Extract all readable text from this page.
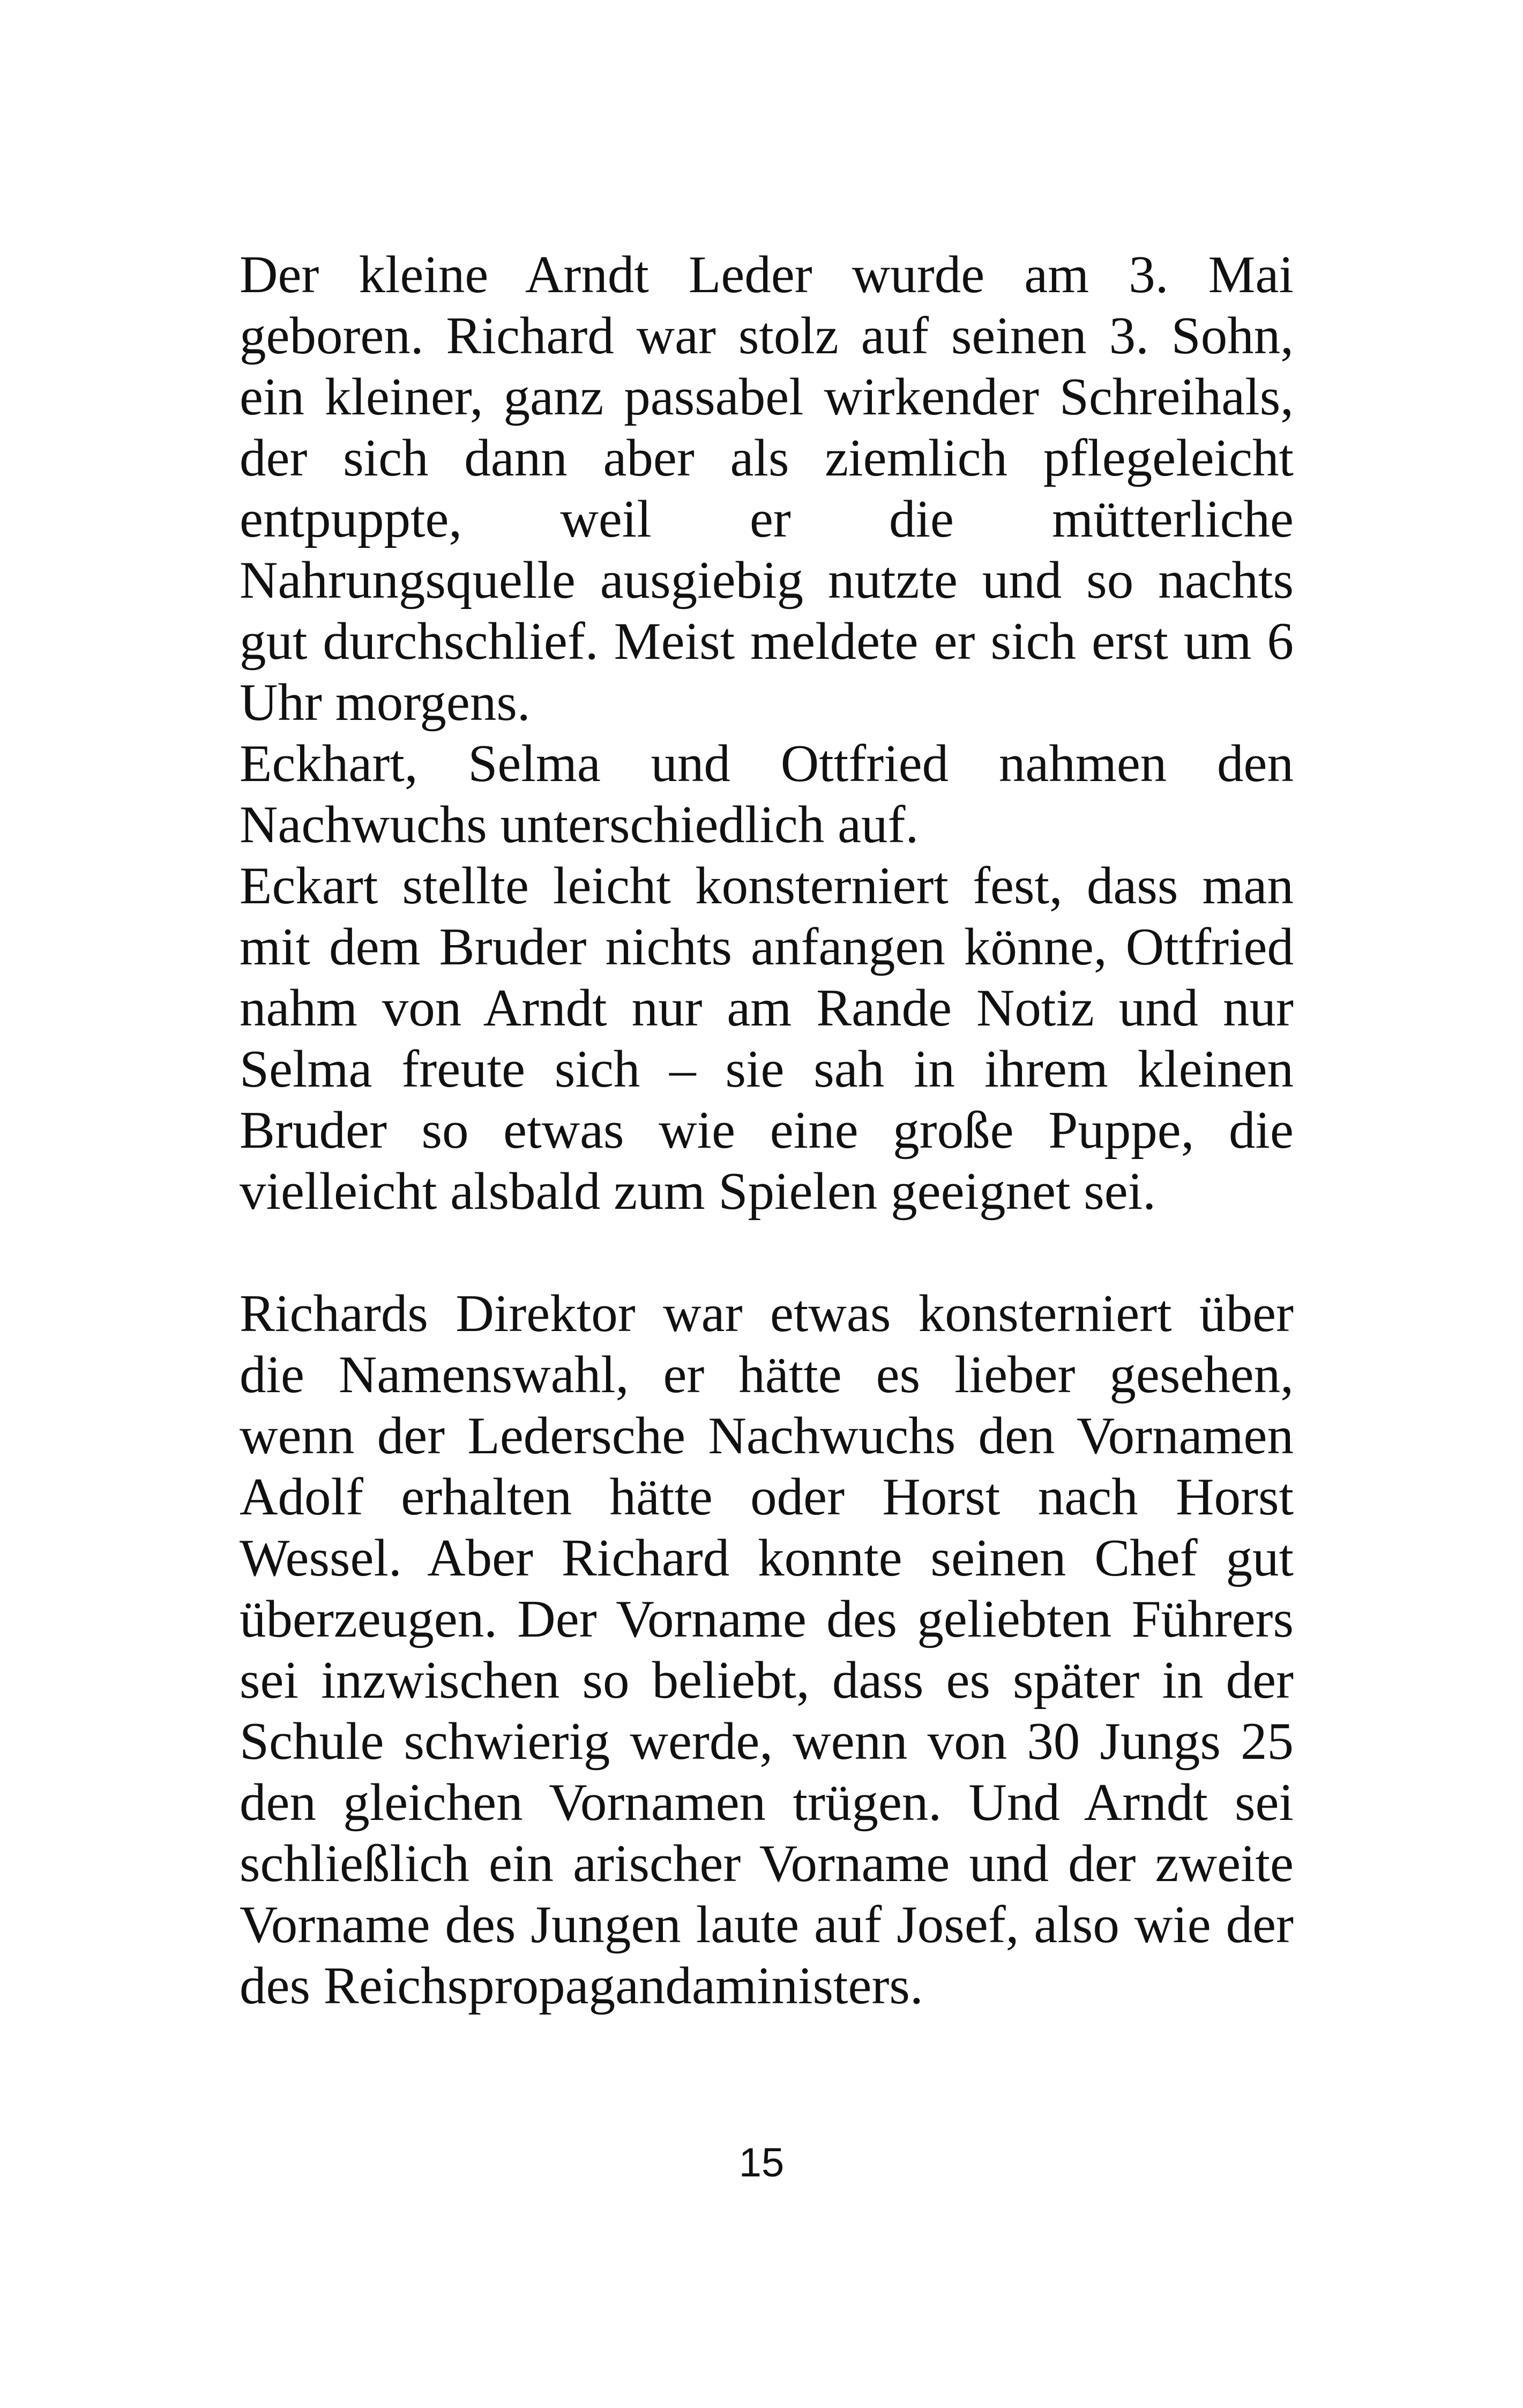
Der kleine Arndt Leder wurde am 3. Mai geboren. Richard war stolz auf seinen 3. Sohn, ein kleiner, ganz passabel wirkender Schreihals, der sich dann aber als ziemlich pflegeleicht entpuppte, weil er die mütterliche Nahrungsquelle ausgiebig nutzte und so nachts gut durchschlief. Meist meldete er sich erst um 6 Uhr morgens.

Eckhart, Selma und Ottfried nahmen den Nachwuchs unterschiedlich auf.

Eckart stellte leicht konsterniert fest, dass man mit dem Bruder nichts anfangen könne, Ottfried nahm von Arndt nur am Rande Notiz und nur Selma freute sich – sie sah in ihrem kleinen Bruder so etwas wie eine große Puppe, die vielleicht alsbald zum Spielen geeignet sei.

Richards Direktor war etwas konsterniert über die Namenswahl, er hätte es lieber gesehen, wenn der Ledersche Nachwuchs den Vornamen Adolf erhalten hätte oder Horst nach Horst Wessel. Aber Richard konnte seinen Chef gut überzeugen. Der Vorname des geliebten Führers sei inzwischen so beliebt, dass es später in der Schule schwierig werde, wenn von 30 Jungs 25 den gleichen Vornamen trügen. Und Arndt sei schließlich ein arischer Vorname und der zweite Vorname des Jungen laute auf Josef, also wie der des Reichspropagandaministers.

15
